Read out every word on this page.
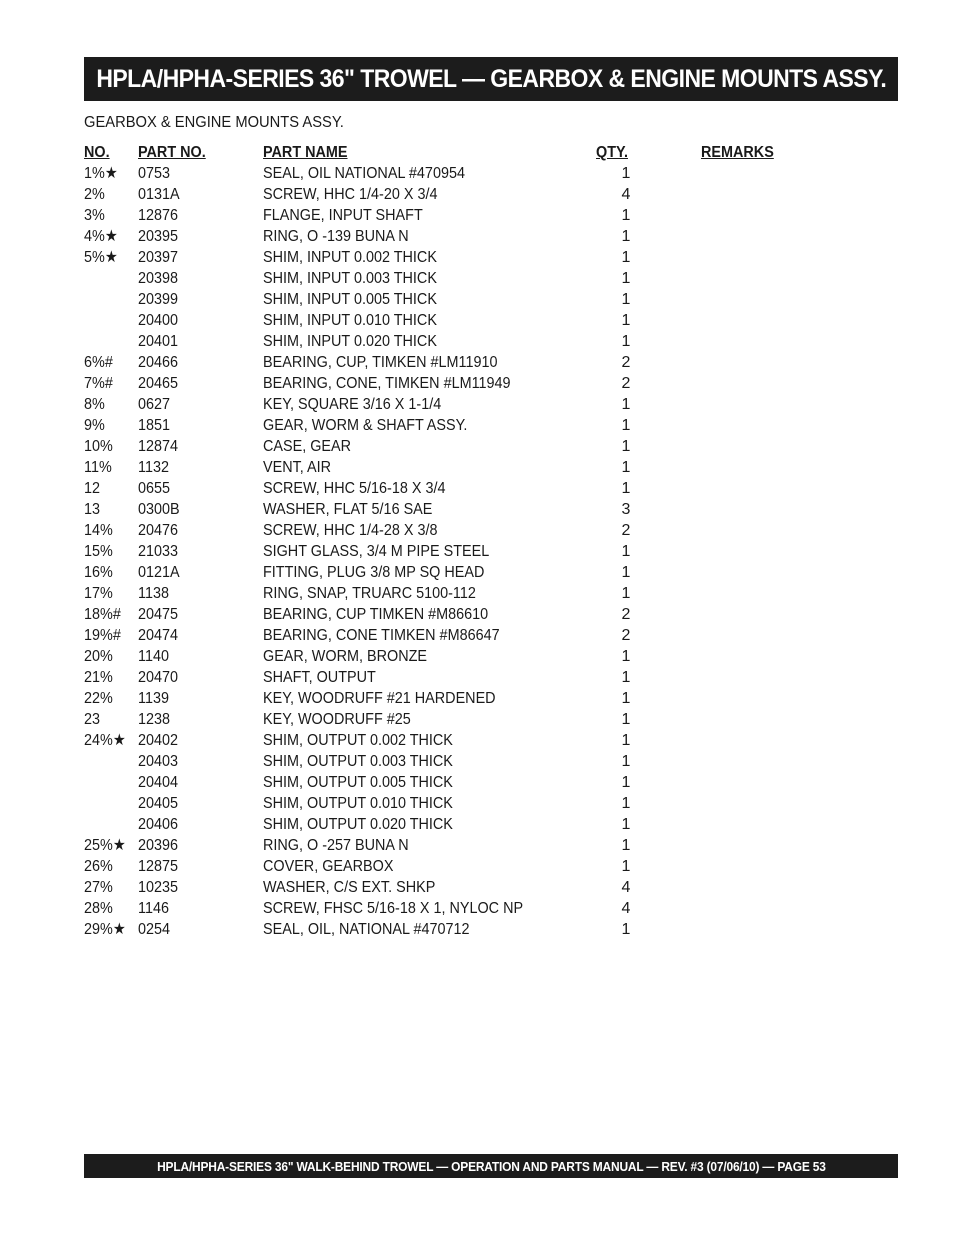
HPLA/HPHA-SERIES 36" TROWEL — GEARBOX & ENGINE MOUNTS ASSY.
GEARBOX & ENGINE MOUNTS ASSY.
NO. PART NO.	PART NAME	QTY.	REMARKS
1%★ 0753	SEAL, OIL NATIONAL #470954	1
2% 0131A	SCREW, HHC 1/4-20 X 3/4	4
3% 12876	FLANGE, INPUT SHAFT	1
4%★ 20395	RING, O -139 BUNA N	1
5%★ 20397	SHIM, INPUT 0.002 THICK	1
20398	SHIM, INPUT 0.003 THICK	1
20399	SHIM, INPUT 0.005 THICK	1
20400	SHIM, INPUT 0.010 THICK	1
20401	SHIM, INPUT 0.020 THICK	1
6%# 20466	BEARING, CUP, TIMKEN #LM11910	2
7%# 20465	BEARING, CONE, TIMKEN #LM11949	2
8% 0627	KEY, SQUARE 3/16 X 1-1/4	1
9% 1851	GEAR, WORM & SHAFT ASSY.	1
10% 12874	CASE, GEAR	1
11% 1132	VENT, AIR	1
12 0655	SCREW, HHC 5/16-18 X 3/4	1
13 0300B	WASHER, FLAT 5/16 SAE	3
14% 20476	SCREW, HHC 1/4-28 X 3/8	2
15% 21033	SIGHT GLASS, 3/4 M PIPE STEEL	1
16% 0121A	FITTING, PLUG 3/8 MP SQ HEAD	1
17% 1138	RING, SNAP, TRUARC 5100-112	1
18%# 20475	BEARING, CUP TIMKEN #M86610	2
19%# 20474	BEARING, CONE TIMKEN #M86647	2
20% 1140	GEAR, WORM, BRONZE	1
21% 20470	SHAFT, OUTPUT	1
22% 1139	KEY, WOODRUFF #21 HARDENED	1
23 1238	KEY, WOODRUFF #25	1
24%★ 20402	SHIM, OUTPUT 0.002 THICK	1
20403	SHIM, OUTPUT 0.003 THICK	1
20404	SHIM, OUTPUT 0.005 THICK	1
20405	SHIM, OUTPUT 0.010 THICK	1
20406	SHIM, OUTPUT 0.020 THICK	1
25%★ 20396	RING, O -257 BUNA N	1
26% 12875	COVER, GEARBOX	1
27% 10235	WASHER, C/S EXT. SHKP	4
28% 1146	SCREW, FHSC 5/16-18 X 1, NYLOC NP	4
29%★ 0254	SEAL, OIL, NATIONAL #470712	1
HPLA/HPHA-SERIES 36" WALK-BEHIND TROWEL — OPERATION AND PARTS MANUAL — REV. #3 (07/06/10) — PAGE 53
